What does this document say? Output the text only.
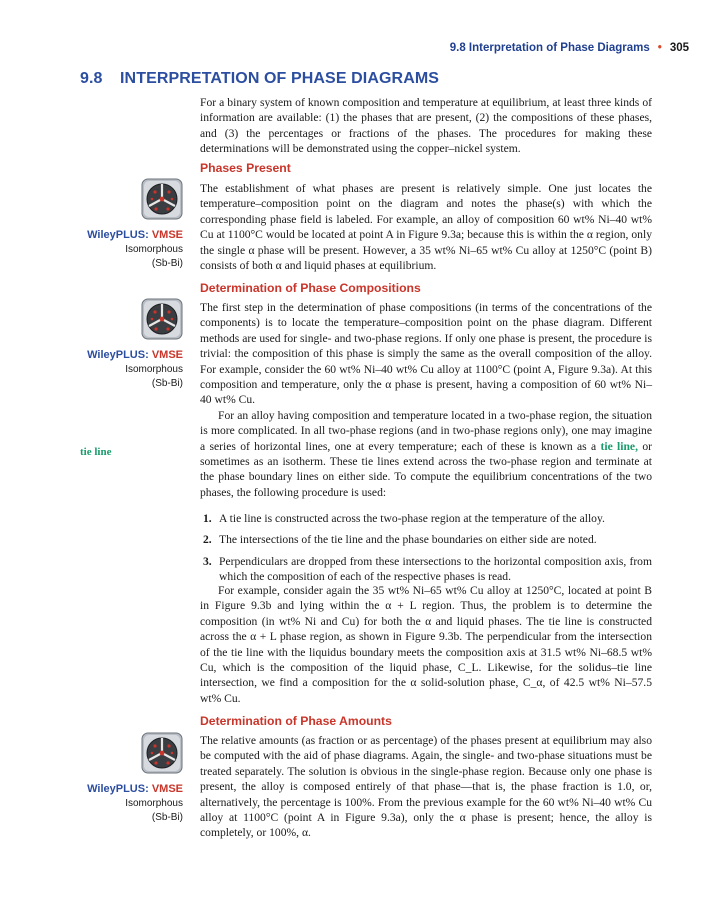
9.8 Interpretation of Phase Diagrams • 305
9.8 INTERPRETATION OF PHASE DIAGRAMS

For a binary system of known composition and temperature at equilibrium, at least three kinds of information are available: (1) the phases that are present, (2) the compositions of these phases, and (3) the percentages or fractions of the phases. The procedures for making these determinations will be demonstrated using the copper–nickel system.

Phases Present

The establishment of what phases are present is relatively simple. One just locates the temperature–composition point on the diagram and notes the phase(s) with which the corresponding phase field is labeled. For example, an alloy of composition 60 wt% Ni–40 wt% Cu at 1100°C would be located at point A in Figure 9.3a; because this is within the α region, only the single α phase will be present. However, a 35 wt% Ni–65 wt% Cu alloy at 1250°C (point B) consists of both α and liquid phases at equilibrium.

WileyPLUS: VMSE
Isomorphous
(Sb-Bi)
Determination of Phase Compositions

The first step in the determination of phase compositions (in terms of the concentrations of the components) is to locate the temperature–composition point on the phase diagram. Different methods are used for single- and two-phase regions. If only one phase is present, the procedure is trivial: the composition of this phase is simply the same as the overall composition of the alloy. For example, consider the 60 wt% Ni–40 wt% Cu alloy at 1100°C (point A, Figure 9.3a). At this composition and temperature, only the α phase is present, having a composition of 60 wt% Ni–40 wt% Cu.

For an alloy having composition and temperature located in a two-phase region, the situation is more complicated. In all two-phase regions (and in two-phase regions only), one may imagine a series of horizontal lines, one at every temperature; each of these is known as a tie line, or sometimes as an isotherm. These tie lines extend across the two-phase region and terminate at the phase boundary lines on either side. To compute the equilibrium concentrations of the two phases, the following procedure is used:

WileyPLUS: VMSE
Isomorphous
(Sb-Bi)
tie line
1. A tie line is constructed across the two-phase region at the temperature of the alloy.
2. The intersections of the tie line and the phase boundaries on either side are noted.
3. Perpendiculars are dropped from these intersections to the horizontal composition axis, from which the composition of each of the respective phases is read.

For example, consider again the 35 wt% Ni–65 wt% Cu alloy at 1250°C, located at point B in Figure 9.3b and lying within the α + L region. Thus, the problem is to determine the composition (in wt% Ni and Cu) for both the α and liquid phases. The tie line is constructed across the α + L phase region, as shown in Figure 9.3b. The perpendicular from the intersection of the tie line with the liquidus boundary meets the composition axis at 31.5 wt% Ni–68.5 wt% Cu, which is the composition of the liquid phase, C_L. Likewise, for the solidus–tie line intersection, we find a composition for the α solid-solution phase, C_α, of 42.5 wt% Ni–57.5 wt% Cu.

Determination of Phase Amounts

The relative amounts (as fraction or as percentage) of the phases present at equilibrium may also be computed with the aid of phase diagrams. Again, the single- and two-phase situations must be treated separately. The solution is obvious in the single-phase region. Because only one phase is present, the alloy is composed entirely of that phase—that is, the phase fraction is 1.0, or, alternatively, the percentage is 100%. From the previous example for the 60 wt% Ni–40 wt% Cu alloy at 1100°C (point A in Figure 9.3a), only the α phase is present; hence, the alloy is completely, or 100%, α.

WileyPLUS: VMSE
Isomorphous
(Sb-Bi)
